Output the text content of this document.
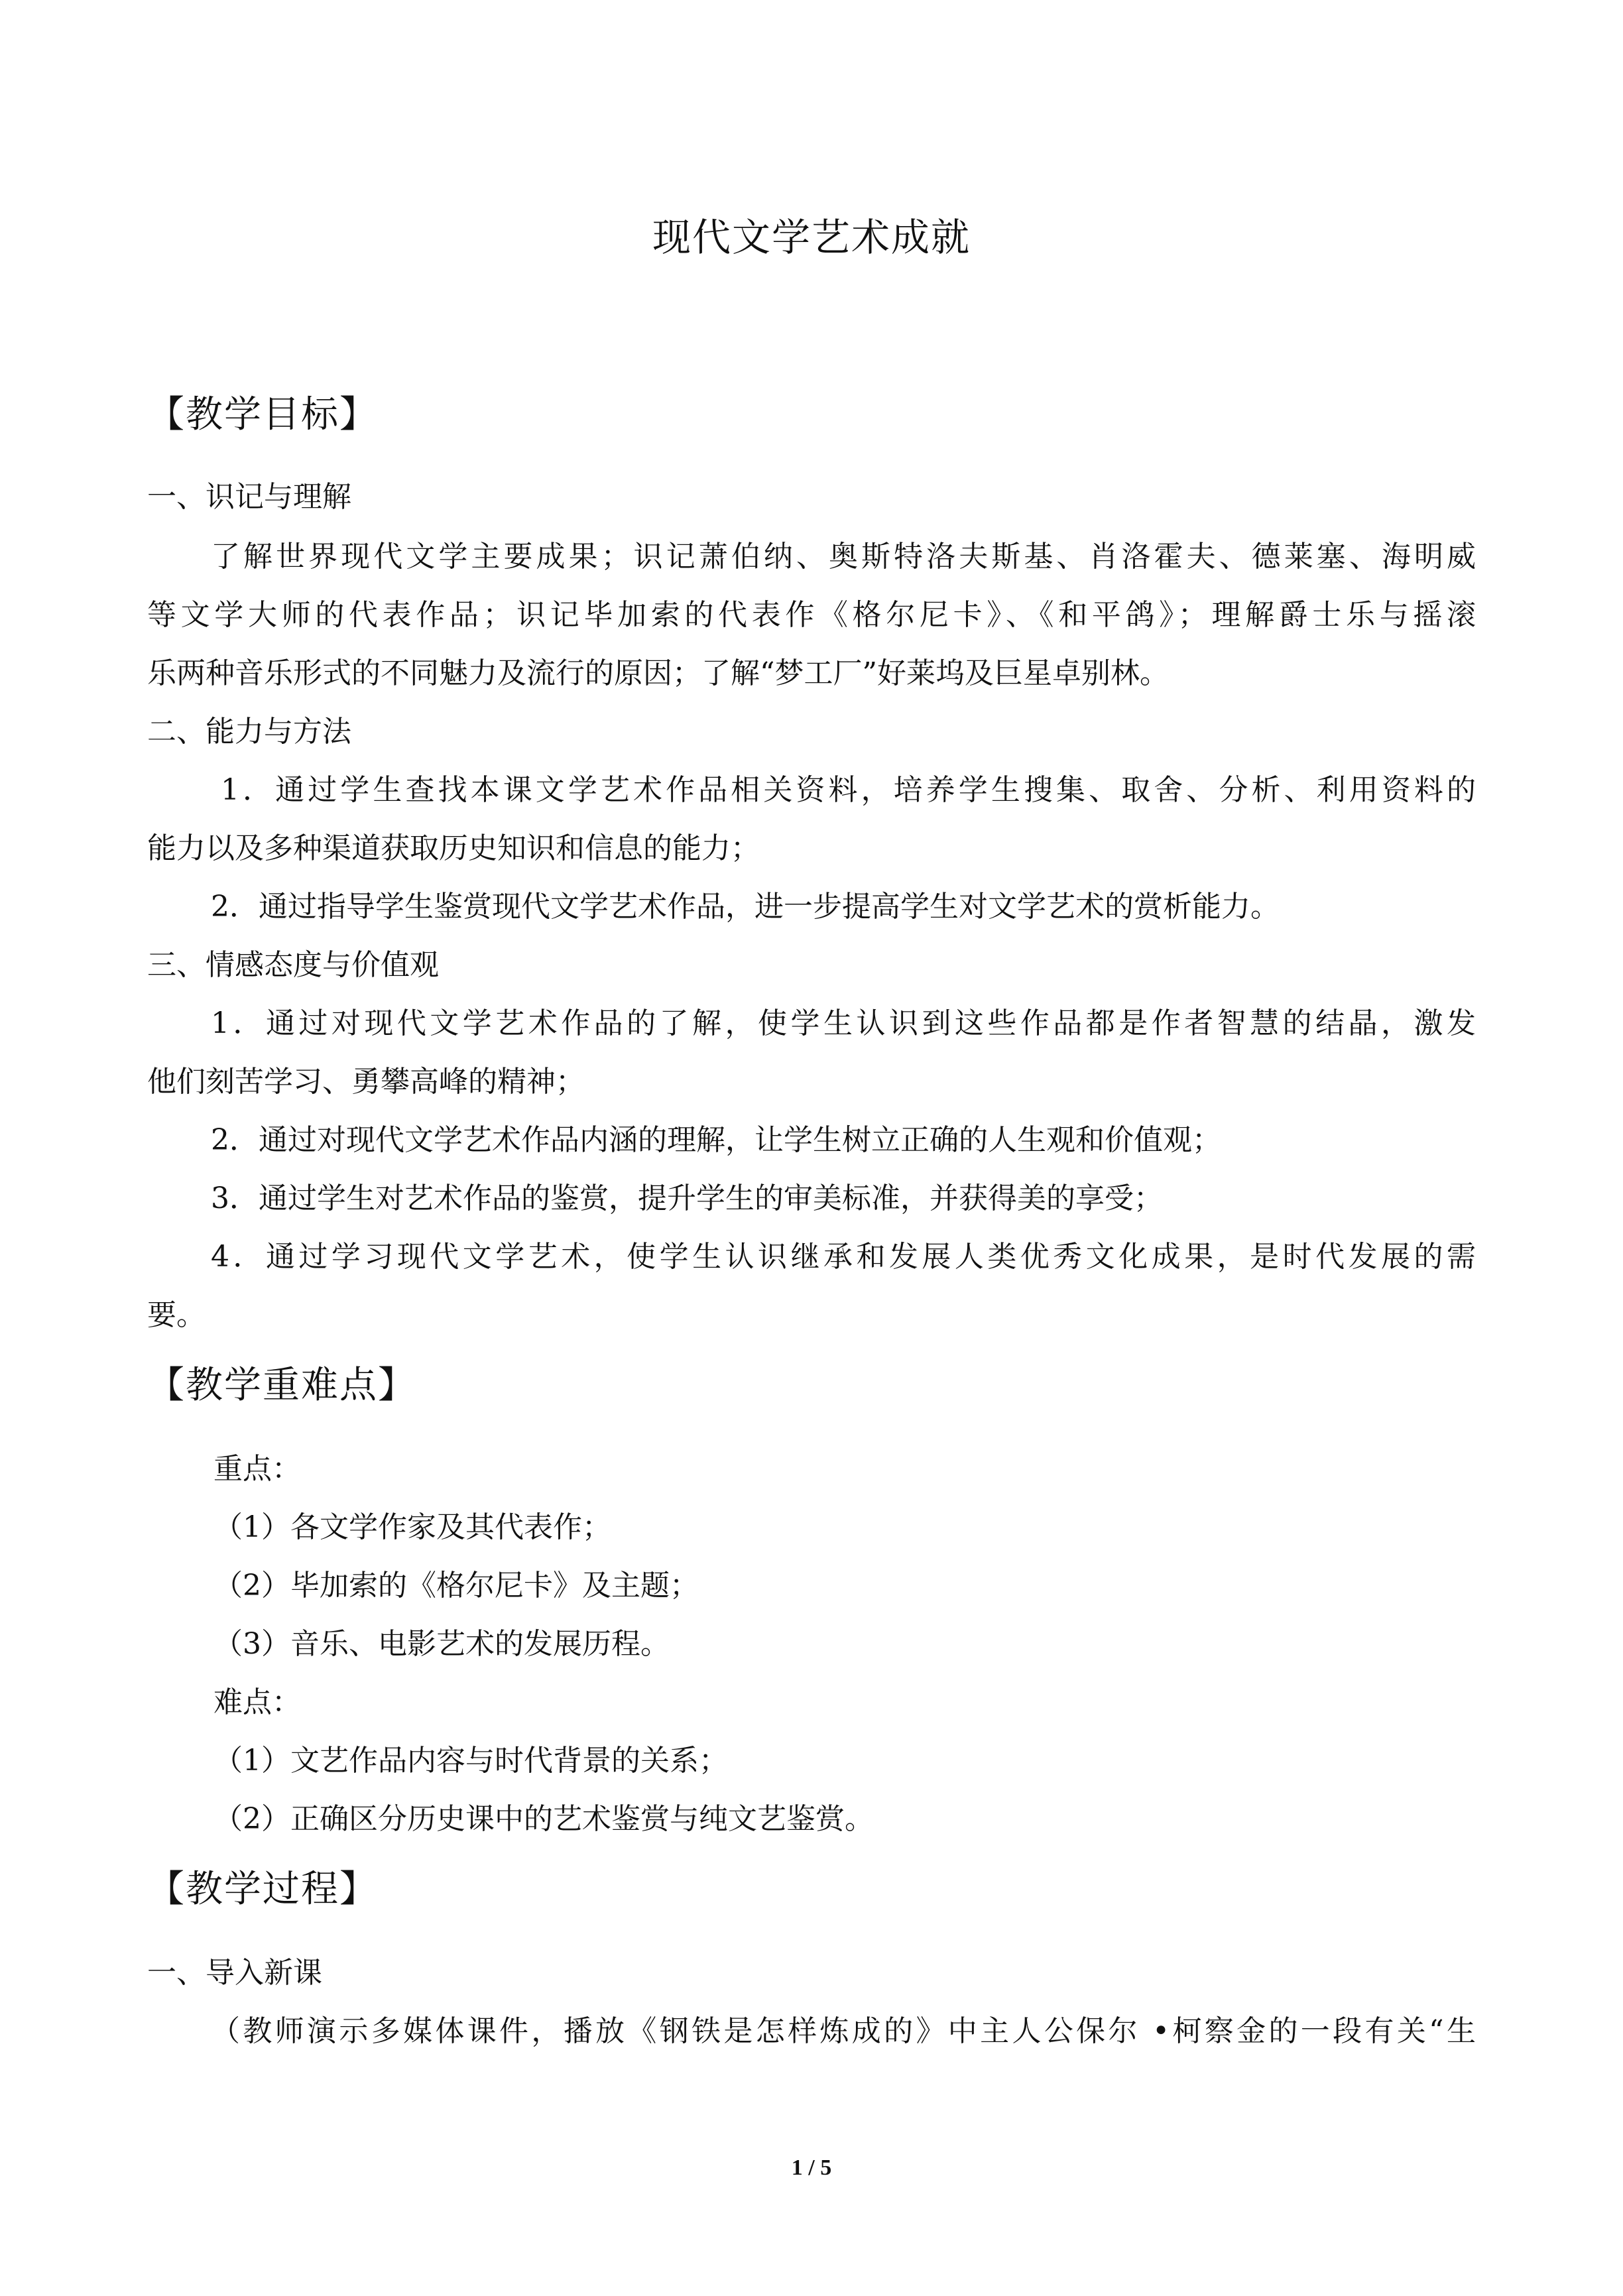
现代文学艺术成就
【教学目标】
一、识记与理解
了解世界现代文学主要成果；识记萧伯纳、奥斯特洛夫斯基、肖洛霍夫、德莱塞、海明威
等文学大师的代表作品；识记毕加索的代表作《格尔尼卡》、《和平鸽》；理解爵士乐与摇滚
乐两种音乐形式的不同魅力及流行的原因；了解“梦工厂”好莱坞及巨星卓别林。
二、能力与方法
1．通过学生查找本课文学艺术作品相关资料，培养学生搜集、取舍、分析、利用资料的
能力以及多种渠道获取历史知识和信息的能力；
2．通过指导学生鉴赏现代文学艺术作品，进一步提高学生对文学艺术的赏析能力。
三、情感态度与价值观
1．通过对现代文学艺术作品的了解，使学生认识到这些作品都是作者智慧的结晶，激发
他们刻苦学习、勇攀高峰的精神；
2．通过对现代文学艺术作品内涵的理解，让学生树立正确的人生观和价值观；
3．通过学生对艺术作品的鉴赏，提升学生的审美标准，并获得美的享受；
4．通过学习现代文学艺术，使学生认识继承和发展人类优秀文化成果，是时代发展的需
要。
【教学重难点】
重点：
（1）各文学作家及其代表作；
（2）毕加索的《格尔尼卡》及主题；
（3）音乐、电影艺术的发展历程。
难点：
（1）文艺作品内容与时代背景的关系；
（2）正确区分历史课中的艺术鉴赏与纯文艺鉴赏。
【教学过程】
一、导入新课
（教师演示多媒体课件，播放《钢铁是怎样炼成的》中主人公保尔 •柯察金的一段有关“生
1 / 5
